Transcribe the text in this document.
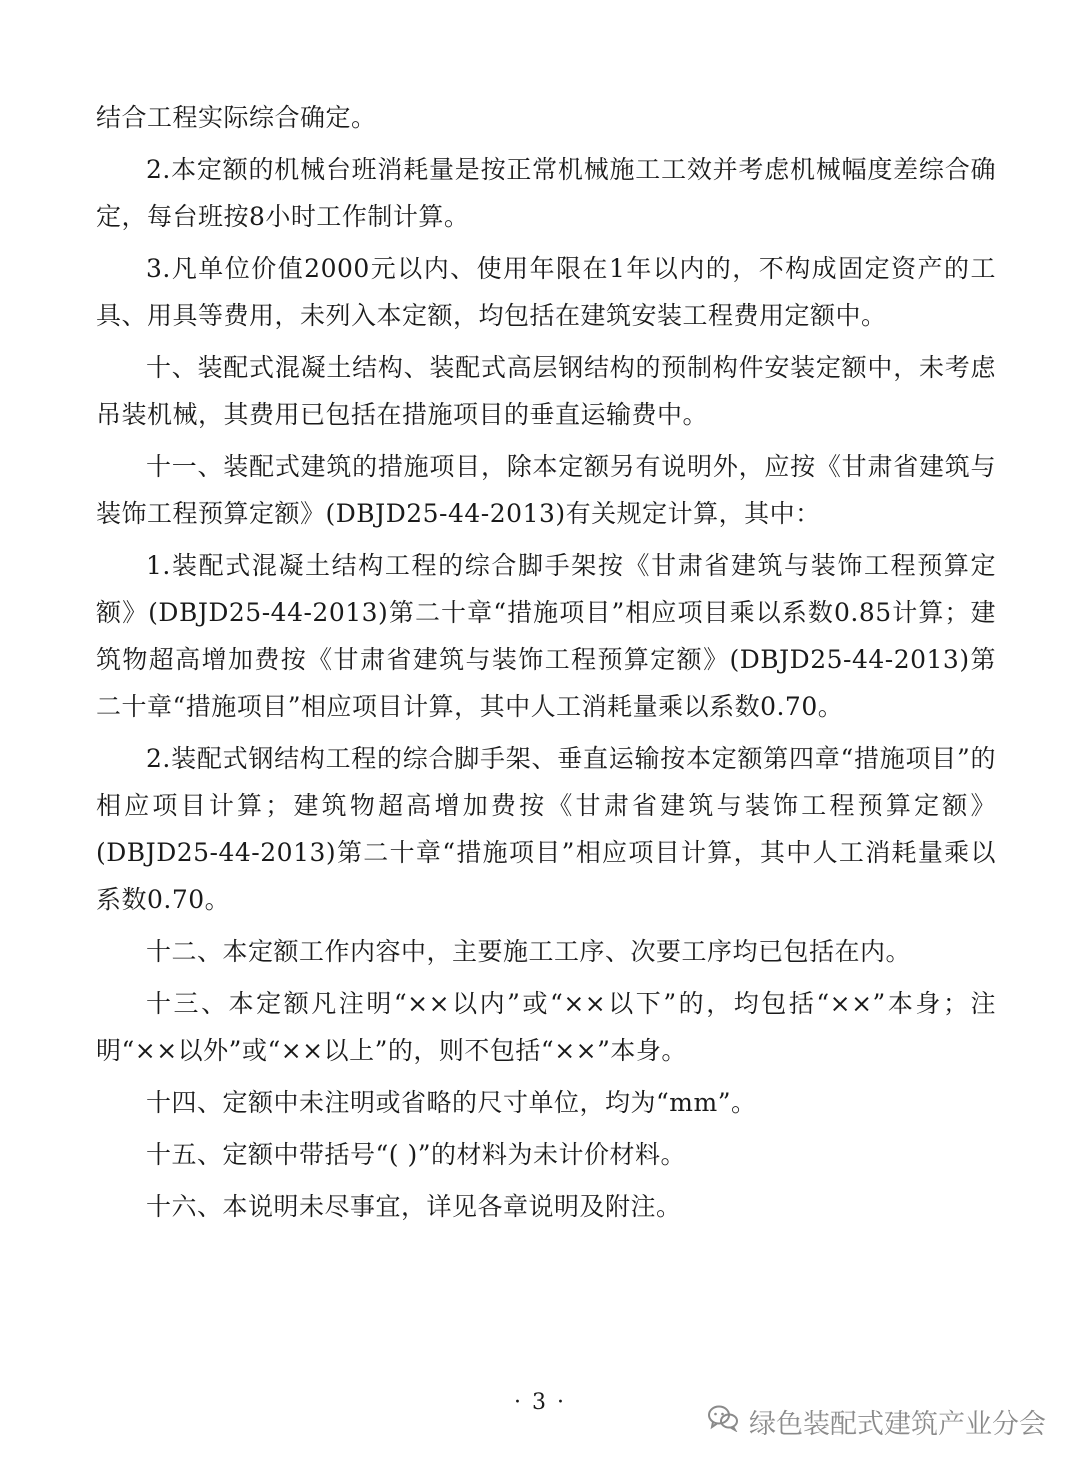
结合工程实际综合确定。

2.本定额的机械台班消耗量是按正常机械施工工效并考虑机械幅度差综合确定，每台班按8小时工作制计算。

3.凡单位价值2000元以内、使用年限在1年以内的，不构成固定资产的工具、用具等费用，未列入本定额，均包括在建筑安装工程费用定额中。

十、装配式混凝土结构、装配式高层钢结构的预制构件安装定额中，未考虑吊装机械，其费用已包括在措施项目的垂直运输费中。

十一、装配式建筑的措施项目，除本定额另有说明外，应按《甘肃省建筑与装饰工程预算定额》(DBJD25-44-2013)有关规定计算，其中：

1.装配式混凝土结构工程的综合脚手架按《甘肃省建筑与装饰工程预算定额》(DBJD25-44-2013)第二十章“措施项目”相应项目乘以系数0.85计算；建筑物超高增加费按《甘肃省建筑与装饰工程预算定额》(DBJD25-44-2013)第二十章“措施项目”相应项目计算，其中人工消耗量乘以系数0.70。

2.装配式钢结构工程的综合脚手架、垂直运输按本定额第四章“措施项目”的相应项目计算；建筑物超高增加费按《甘肃省建筑与装饰工程预算定额》(DBJD25-44-2013)第二十章“措施项目”相应项目计算，其中人工消耗量乘以系数0.70。

十二、本定额工作内容中，主要施工工序、次要工序均已包括在内。

十三、本定额凡注明“××以内”或“××以下”的，均包括“××”本身；注明“××以外”或“××以上”的，则不包括“××”本身。

十四、定额中未注明或省略的尺寸单位，均为“mm”。

十五、定额中带括号“( )”的材料为未计价材料。

十六、本说明未尽事宜，详见各章说明及附注。

· 3 ·
绿色装配式建筑产业分会
